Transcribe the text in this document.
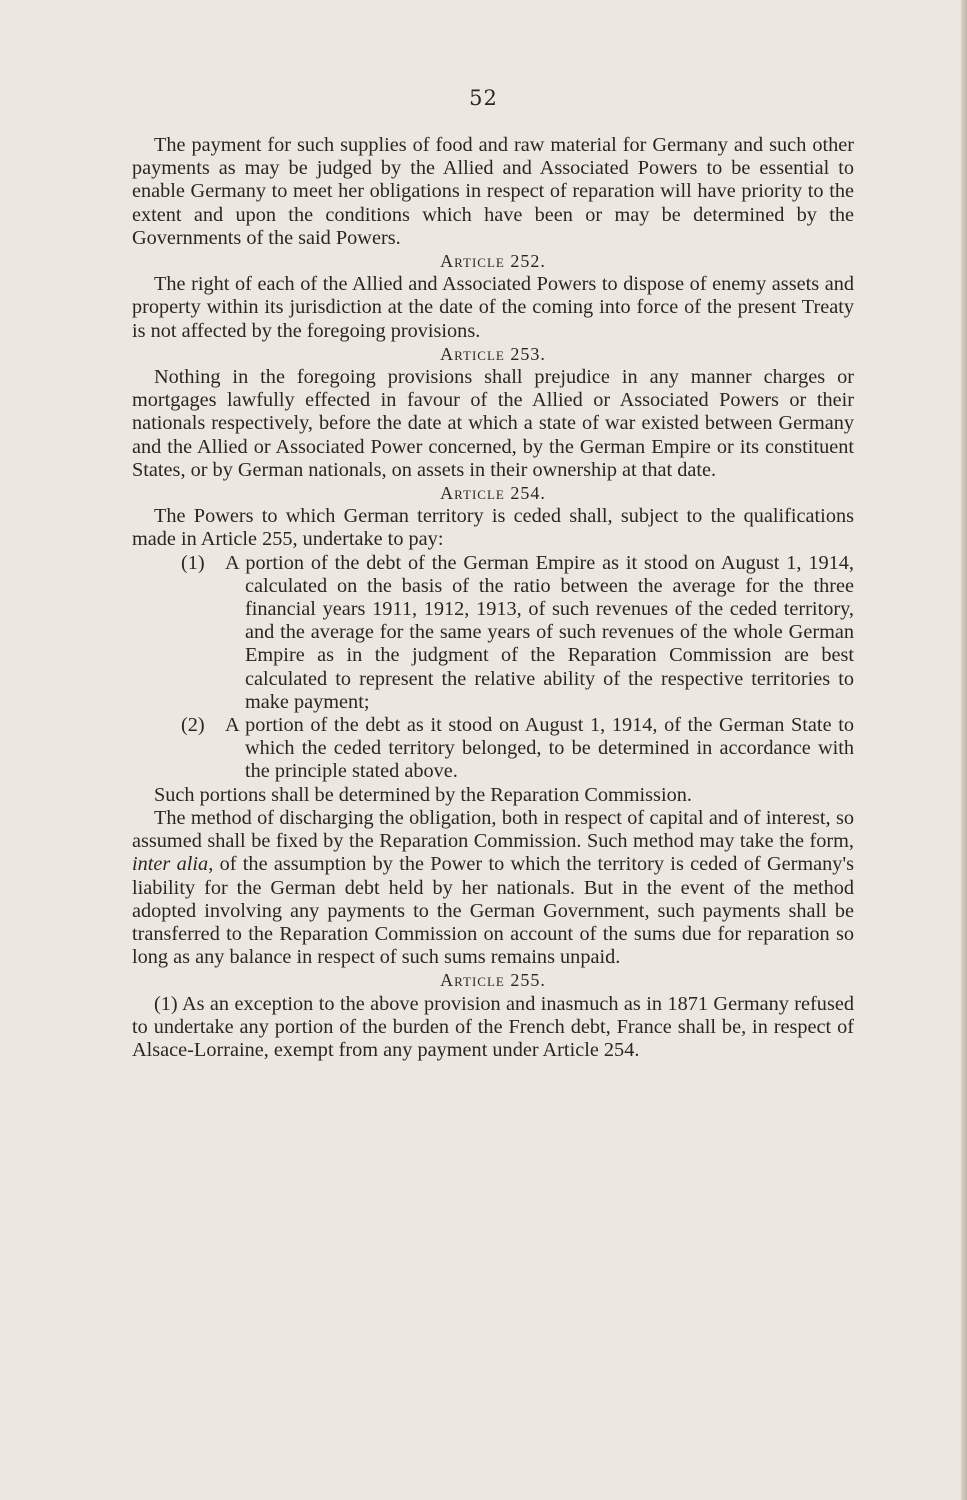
52

The payment for such supplies of food and raw material for Germany and such other payments as may be judged by the Allied and Associated Powers to be essential to enable Germany to meet her obligations in respect of reparation will have priority to the extent and upon the conditions which have been or may be determined by the Governments of the said Powers.

Article 252.

The right of each of the Allied and Associated Powers to dispose of enemy assets and property within its jurisdiction at the date of the coming into force of the present Treaty is not affected by the foregoing provisions.

Article 253.

Nothing in the foregoing provisions shall prejudice in any manner charges or mortgages lawfully effected in favour of the Allied or Associated Powers or their nationals respectively, before the date at which a state of war existed between Germany and the Allied or Associated Power concerned, by the German Empire or its constituent States, or by German nationals, on assets in their ownership at that date.

Article 254.

The Powers to which German territory is ceded shall, subject to the qualifications made in Article 255, undertake to pay:

(1) A portion of the debt of the German Empire as it stood on August 1, 1914, calculated on the basis of the ratio between the average for the three financial years 1911, 1912, 1913, of such revenues of the ceded territory, and the average for the same years of such revenues of the whole German Empire as in the judgment of the Reparation Commission are best calculated to represent the relative ability of the respective territories to make payment;

(2) A portion of the debt as it stood on August 1, 1914, of the German State to which the ceded territory belonged, to be determined in accordance with the principle stated above.

Such portions shall be determined by the Reparation Commission.

The method of discharging the obligation, both in respect of capital and of interest, so assumed shall be fixed by the Reparation Commission. Such method may take the form, inter alia, of the assumption by the Power to which the territory is ceded of Germany's liability for the German debt held by her nationals. But in the event of the method adopted involving any payments to the German Government, such payments shall be transferred to the Reparation Commission on account of the sums due for reparation so long as any balance in respect of such sums remains unpaid.

Article 255.

(1) As an exception to the above provision and inasmuch as in 1871 Germany refused to undertake any portion of the burden of the French debt, France shall be, in respect of Alsace-Lorraine, exempt from any payment under Article 254.
